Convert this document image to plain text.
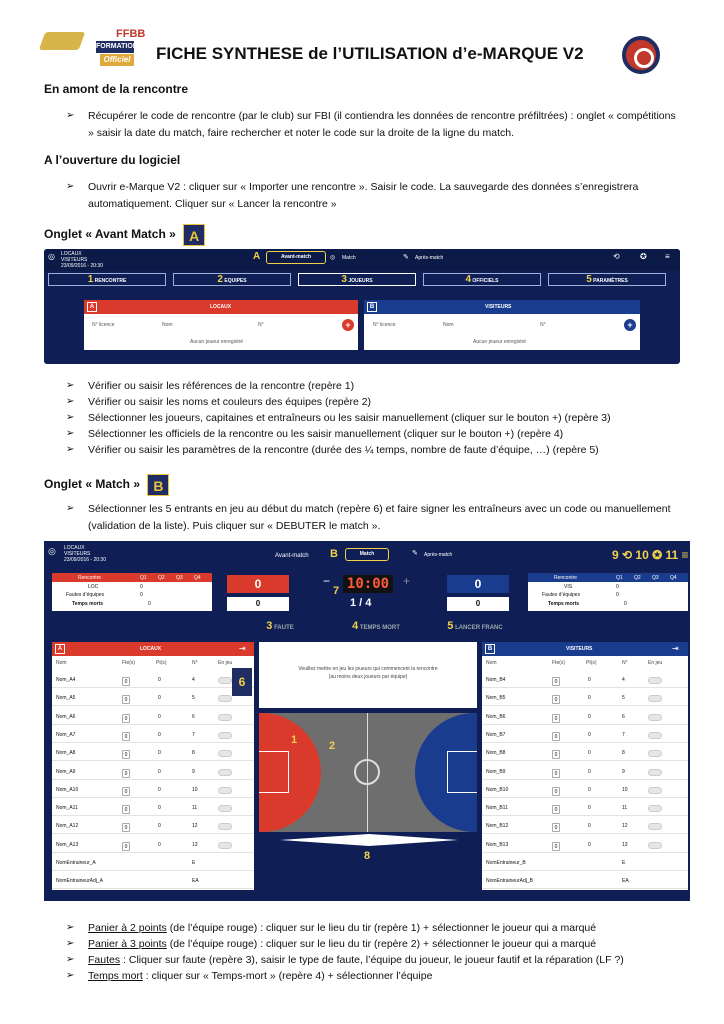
FFBB
FORMATION
Officiel FICHE SYNTHESE de l’UTILISATION d’e-MARQUE V2
En amont de la rencontre
➢ Récupérer le code de rencontre (par le club) sur FBI (il contiendra les données de rencontre préfiltrées) : onglet « compétitions » saisir la date du match, faire rechercher et noter le code sur la droite de la ligne du match.
A l’ouverture du logiciel
➢ Ouvrir e-Marque V2 : cliquer sur « Importer une rencontre ». Saisir le code. La sauvegarde des données s’enregistrera automatiquement. Cliquer sur « Lancer la rencontre »
Onglet « Avant Match » A
◎ LOCAUX
VISITEURS
23/09/2016 - 20:30
A	Avant-match	◎ Match	✎ Après-match	⟲	✪ ≡
1 RENCONTRE	2 EQUIPES	3 JOUEURS	4 OFFICIELS	5 PARAMÈTRES
A	LOCAUX
N° licence	Nom	N°	+
Aucun joueur enregistré
B	VISITEURS
N° licence	Nom	N°	+
Aucun joueur enregistré
➢ Vérifier ou saisir les références de la rencontre (repère 1)
➢ Vérifier ou saisir les noms et couleurs des équipes (repère 2)
➢ Sélectionner les joueurs, capitaines et entraîneurs ou les saisir manuellement (cliquer sur le bouton +) (repère 3)
➢ Sélectionner les officiels de la rencontre ou les saisir manuellement (cliquer sur le bouton +) (repère 4)
➢ Vérifier ou saisir les paramètres de la rencontre (durée des ¼ temps, nombre de faute d’équipe, …) (repère 5)
Onglet « Match » B
➢ Sélectionner les 5 entrants en jeu au début du match (repère 6) et faire signer les entraîneurs avec un code ou manuellement (validation de la liste). Puis cliquer sur « DEBUTER le match ».
◎ LOCAUX
VISITEURS
23/09/2016 - 20:30
Avant-match B	Match	✎ Après-match	9 ⟲ 10 ✪ 11 ≡
Rencontre	Q1 Q2 Q3 Q4
LOC	0
Fautes d’équipes	0
Temps morts	0
Rencontre	Q1 Q2 Q3 Q4
VIS	0
Fautes d’équipes	0
Temps morts	0
0
0
0
0
−	+
7 10:00
1 / 4
3 FAUTE	4 TEMPS MORT	5 LANCER FRANC
A	LOCAUX	⇥
Nom	Fte(s)	Pt(s)	N°	En jeu
Nom_A4	0	0	4
Nom_A5	0	0	5
Nom_A6	0	0	6
Nom_A7	0	0	7
Nom_A8	0	0	8
Nom_A9	0	0	9
Nom_A10	0	0	10
Nom_A11	0	0	11
Nom_A12	0	0	12
Nom_A13	0	0	13
NomEntraineur_A	E
NomEntraineurAdj_A	EA
6
B	VISITEURS	⇥
Nom	Fte(s)	Pt(s)	N°	En jeu
Nom_B4	0	0	4
Nom_B5	0	0	5
Nom_B6	0	0	6
Nom_B7	0	0	7
Nom_B8	0	0	8
Nom_B9	0	0	9
Nom_B10	0	0	10
Nom_B11	0	0	11
Nom_B12	0	0	12
Nom_B13	0	0	13
NomEntraineur_B	E
NomEntraineurAdj_B	EA
Veuillez mettre en jeu les joueurs qui commencent la rencontre
(au moins deux joueurs par équipe)
1	2
8
➢ Panier à 2 points (de l’équipe rouge) : cliquer sur le lieu du tir (repère 1) + sélectionner le joueur qui a marqué
➢ Panier à 3 points (de l’équipe rouge) : cliquer sur le lieu du tir (repère 2) + sélectionner le joueur qui a marqué
➢ Fautes : Cliquer sur faute (repère 3), saisir le type de faute, l’équipe du joueur, le joueur fautif et la réparation (LF ?)
➢ Temps mort : cliquer sur « Temps-mort » (repère 4) + sélectionner l’équipe
